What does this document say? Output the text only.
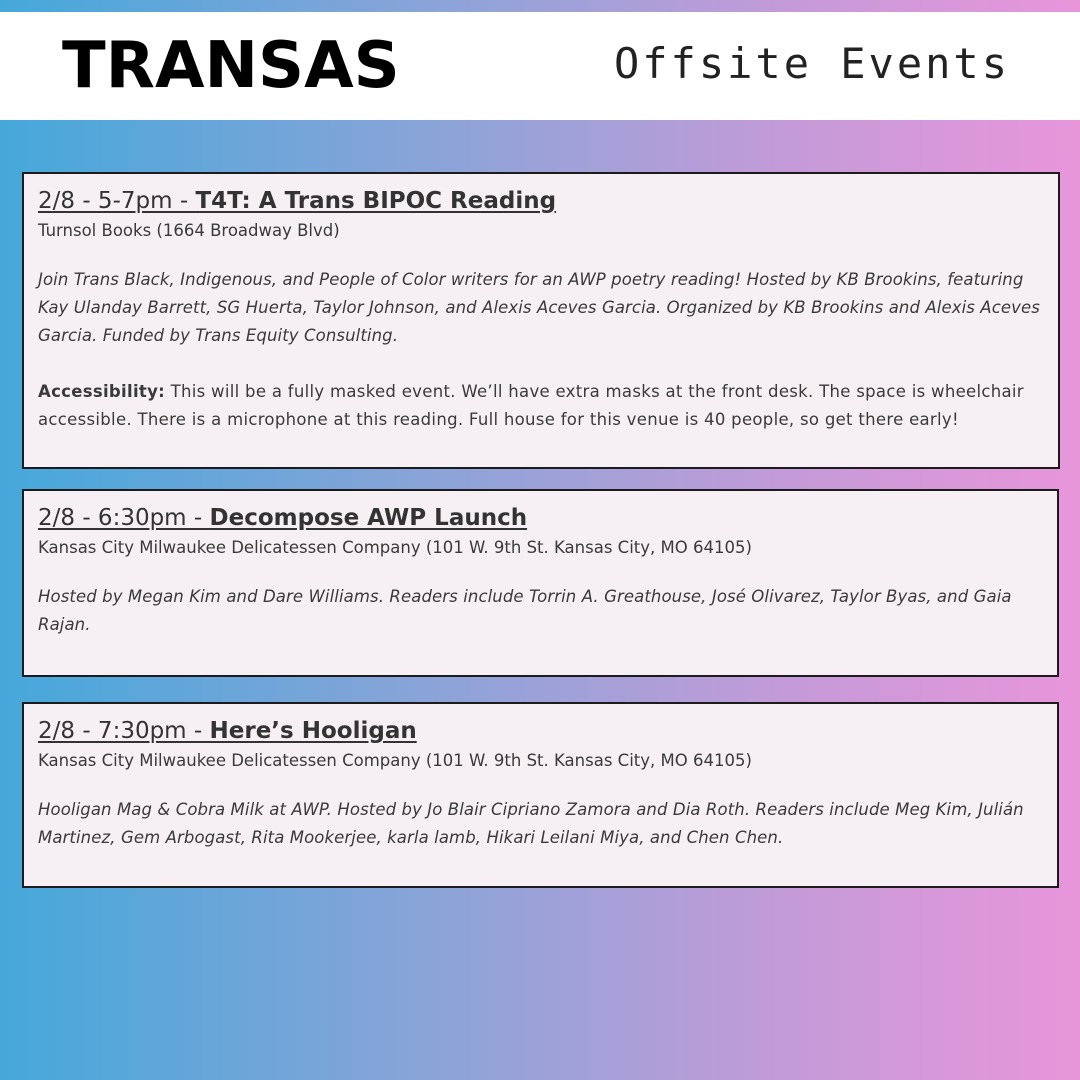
TRANSAS	Offsite Events
2/8 - 5-7pm - T4T: A Trans BIPOC Reading
Turnsol Books (1664 Broadway Blvd)
Join Trans Black, Indigenous, and People of Color writers for an AWP poetry reading! Hosted by KB Brookins, featuring Kay Ulanday Barrett, SG Huerta, Taylor Johnson, and Alexis Aceves Garcia. Organized by KB Brookins and Alexis Aceves Garcia. Funded by Trans Equity Consulting.
Accessibility: This will be a fully masked event. We’ll have extra masks at the front desk. The space is wheelchair accessible. There is a microphone at this reading. Full house for this venue is 40 people, so get there early!
2/8 - 6:30pm - Decompose AWP Launch
Kansas City Milwaukee Delicatessen Company (101 W. 9th St. Kansas City, MO 64105)
Hosted by Megan Kim and Dare Williams. Readers include Torrin A. Greathouse, José Olivarez, Taylor Byas, and Gaia Rajan.
2/8 - 7:30pm - Here’s Hooligan
Kansas City Milwaukee Delicatessen Company (101 W. 9th St. Kansas City, MO 64105)
Hooligan Mag & Cobra Milk at AWP. Hosted by Jo Blair Cipriano Zamora and Dia Roth. Readers include Meg Kim, Julián Martinez, Gem Arbogast, Rita Mookerjee, karla lamb, Hikari Leilani Miya, and Chen Chen.
